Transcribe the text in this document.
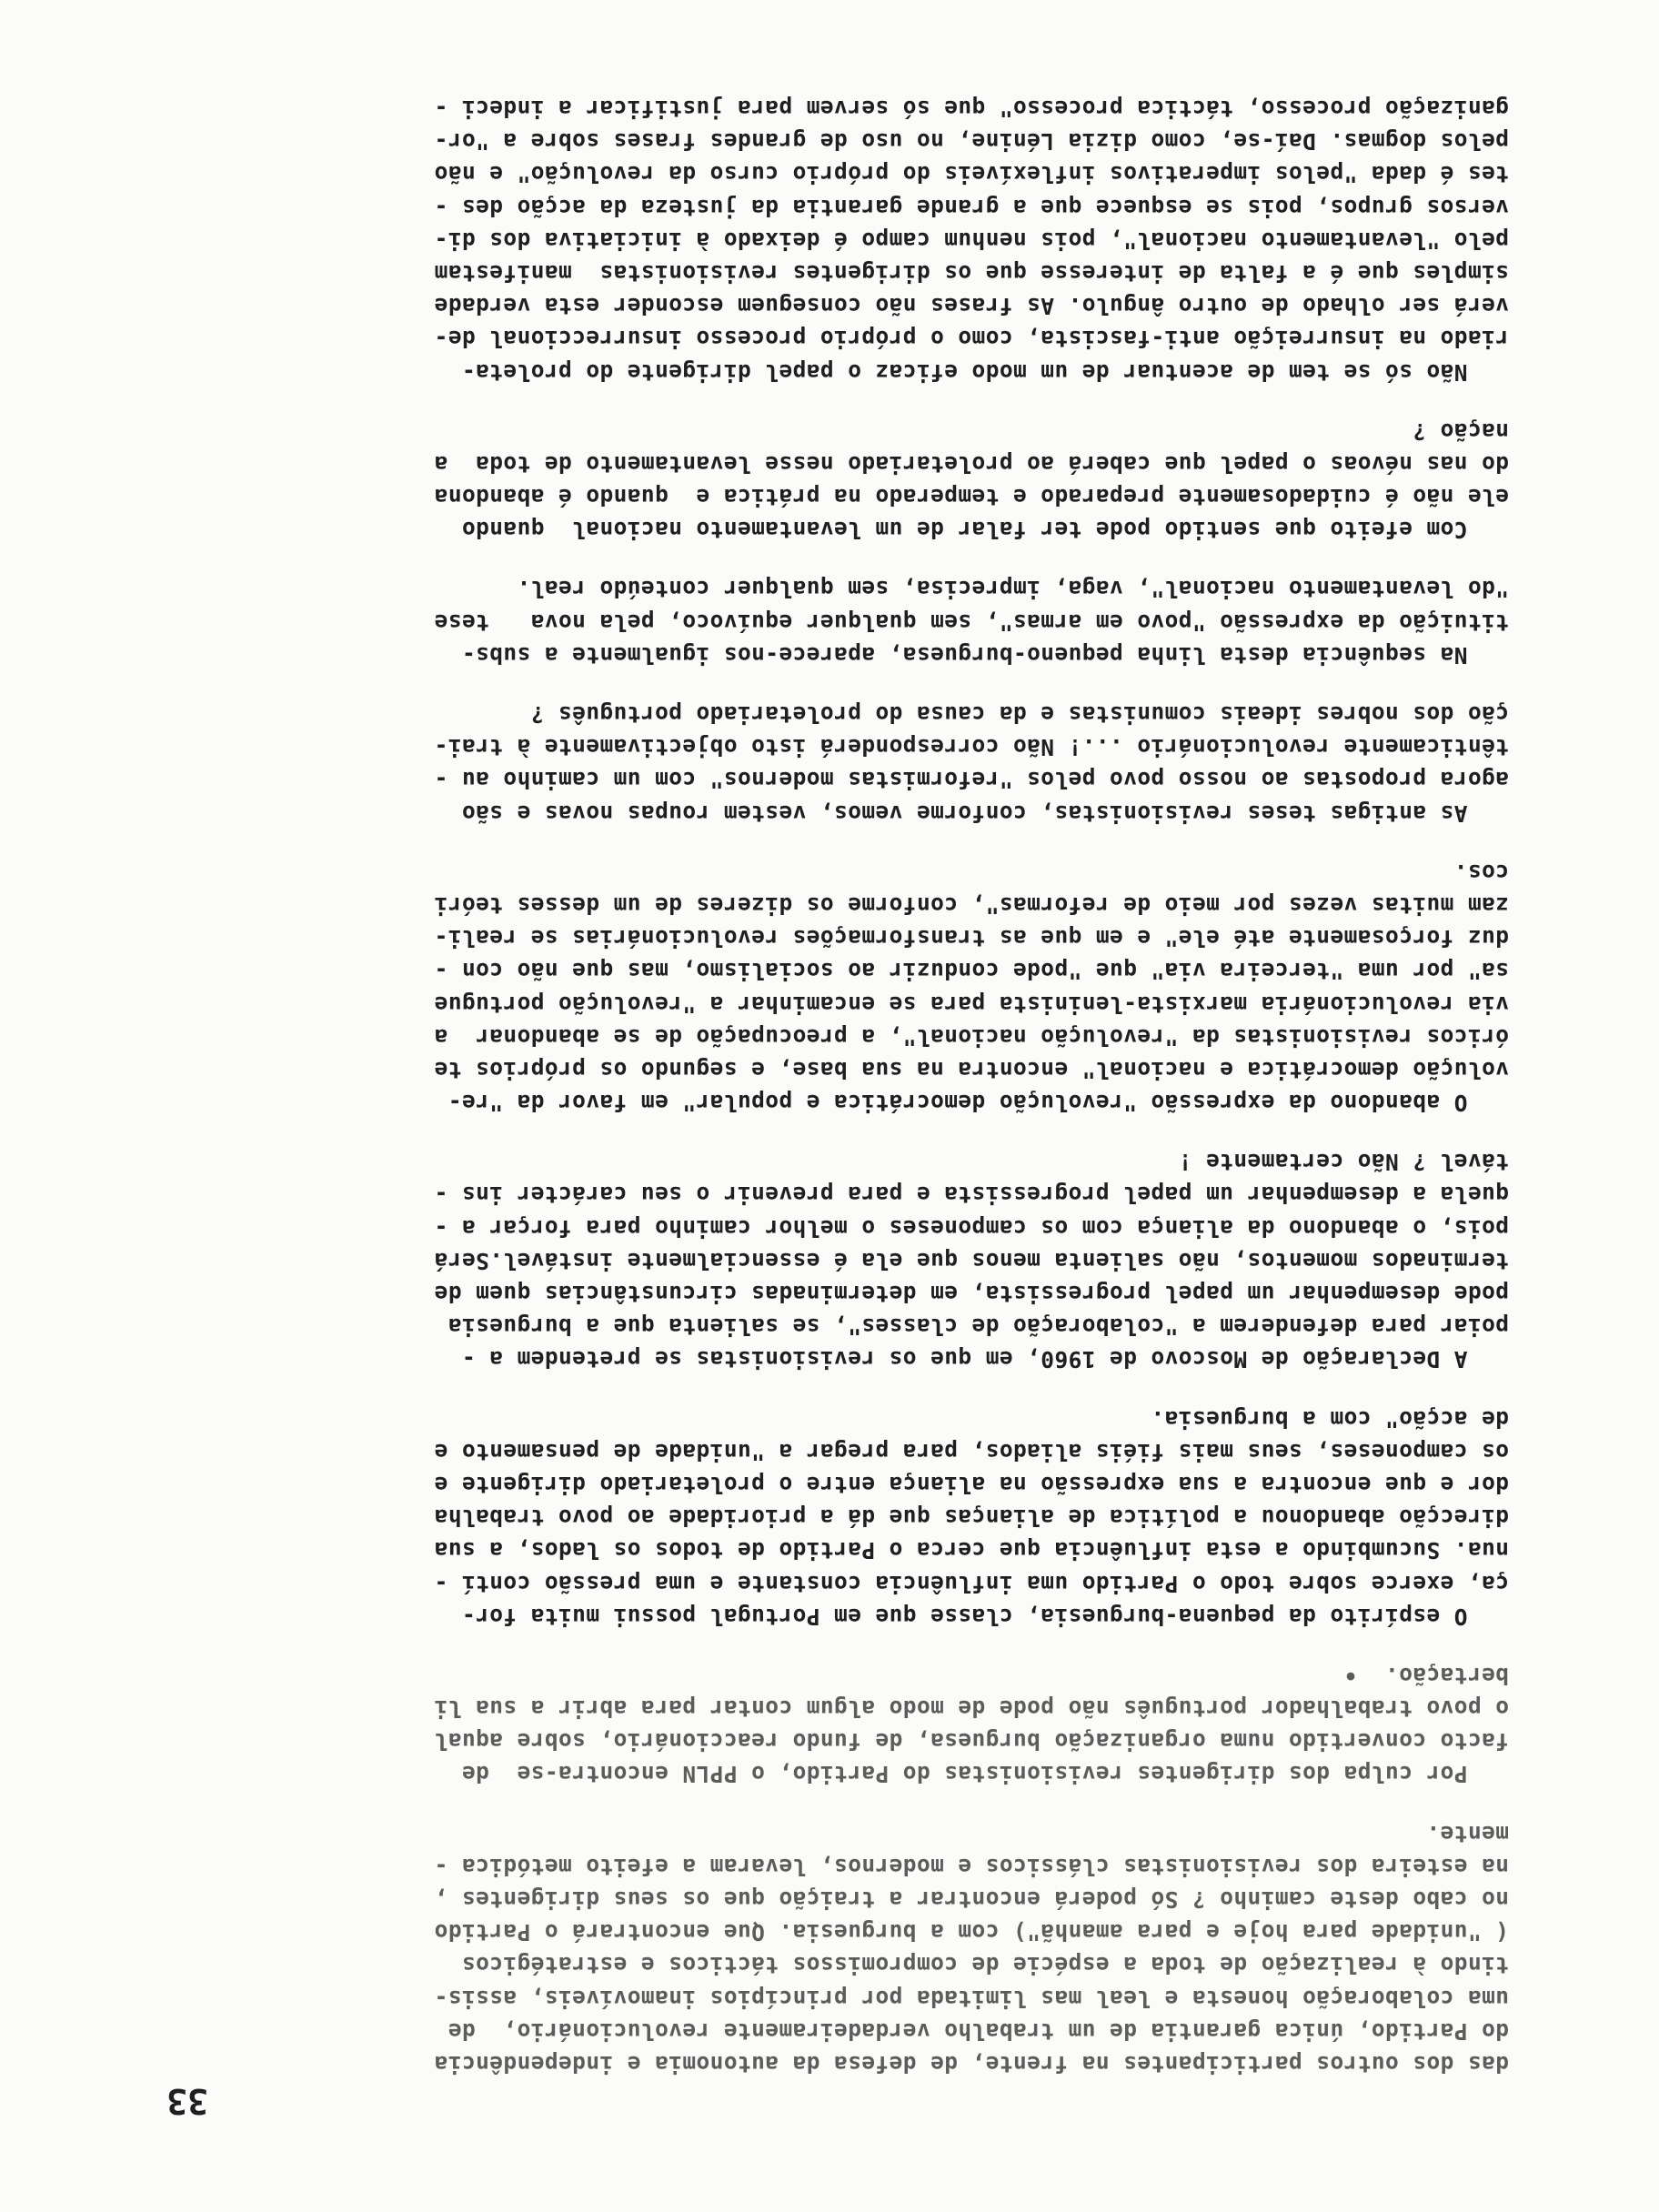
33
das dos outros participantes na frente, de defesa da autonomia e independência
do Partido, única garantia de um trabalho verdadeiramente revolucionário,  de
uma colaboração honesta e leal mas limitada por princípios inamovíveis, assis-
tindo à realização de toda a espécie de compromissos tácticos e estratégicos
( "unidade para hoje e para amanhã") com a burguesia. Que encontrará o Partido
no cabo deste caminho ? Só poderá encontrar a traição que os seus dirigentes ,
na esteira dos revisionistas clássicos e modernos, levaram a efeito metódica -
mente.
Por culpa dos dirigentes revisionistas do Partido, o PPLN encontra-se  de
facto convertido numa organização burguesa, de fundo reaccionário, sobre aqual
o povo trabalhador português não pode de modo algum contar para abrir a sua li
bertação.  •
O espírito da pequena-burguesia, classe que em Portugal possui muita for-
ça, exerce sobre todo o Partido uma influência constante e uma pressão contí -
nua. Sucumbindo a esta influência que cerca o Partido de todos os lados, a sua
direcção abandonou a política de alianças que dá a prioridade ao povo trabalha
dor e que encontra a sua expressão na aliança entre o proletariado dirigente e
os camponeses, seus mais fiéis aliados, para pregar a "unidade de pensamento e
de acção" com a burguesia.
A Declaração de Moscovo de 1960, em que os revisionistas se pretendem a -
poiar para defenderem a "colaboração de classes", se salienta que a burguesia
pode desempenhar um papel progressista, em determinadas circunstâncias quem de
terminados momentos, não salienta menos que ela é essencialmente instável.Será
pois, o abandono da aliança com os camponeses o melhor caminho para forçar a -
quela a desempenhar um papel progressista e para prevenir o seu carácter ins -
tável ? Não certamente !
O abandono da expressão "revolução democrática e popular" em favor da "re-
volução democrática e nacional" encontra na sua base, e segundo os próprios te
óricos revisionistas da "revolução nacional", a preocupação de se abandonar  a
via revolucionária marxista-leninista para se encaminhar a "revolução portugue
sa" por uma "terceira via" que "pode conduzir ao socialismo, mas que não con -
duz forçosamente até ele" e em que as transformações revolucionárias se reali-
zam muitas vezes por meio de reformas", conforme os dizeres de um desses teóri
cos.
As antigas teses revisionistas, conforme vemos, vestem roupas novas e são
agora propostas ao nosso povo pelos "reformistas modernos" com um caminho au -
tênticamente revolucionário ...! Não corresponderá isto objectivamente à trai-
ção dos nobres ideais comunistas e da causa do proletariado português ?
Na sequência desta linha pequeno-burguesa, aparece-nos igualmente a subs-
tituição da expressão "povo em armas", sem qualquer equívoco, pela nova   tese
"do levantamento nacional", vaga, imprecisa, sem qualquer conteúdo real.
Com efeito que sentido pode ter falar de um levantamento nacional  quando
ele não é cuidadosamente preparado e temperado na prática e  quando é abandona
do nas névoas o papel que caberá ao proletariado nesse levantamento de toda  a
nação ?
Não só se tem de acentuar de um modo eficaz o papel dirigente do proleta-
riado na insurreição anti-fascista, como o próprio processo insurreccional de-
verá ser olhado de outro ângulo. As frases não conseguem esconder esta verdade
simples que é a falta de interesse que os dirigentes revisionistas  manifestam
pelo "levantamento nacional", pois nenhum campo é deixado à iniciativa dos di-
versos grupos, pois se esquece que a grande garantia da justeza da acção des -
tes é dada "pelos imperativos inflexíveis do próprio curso da revolução" e não
pelos dogmas. Daí-se, como dizia Lénine, no uso de grandes frases sobre a "or-
ganização processo, táctica processo" que só servem para justificar a indeci -
